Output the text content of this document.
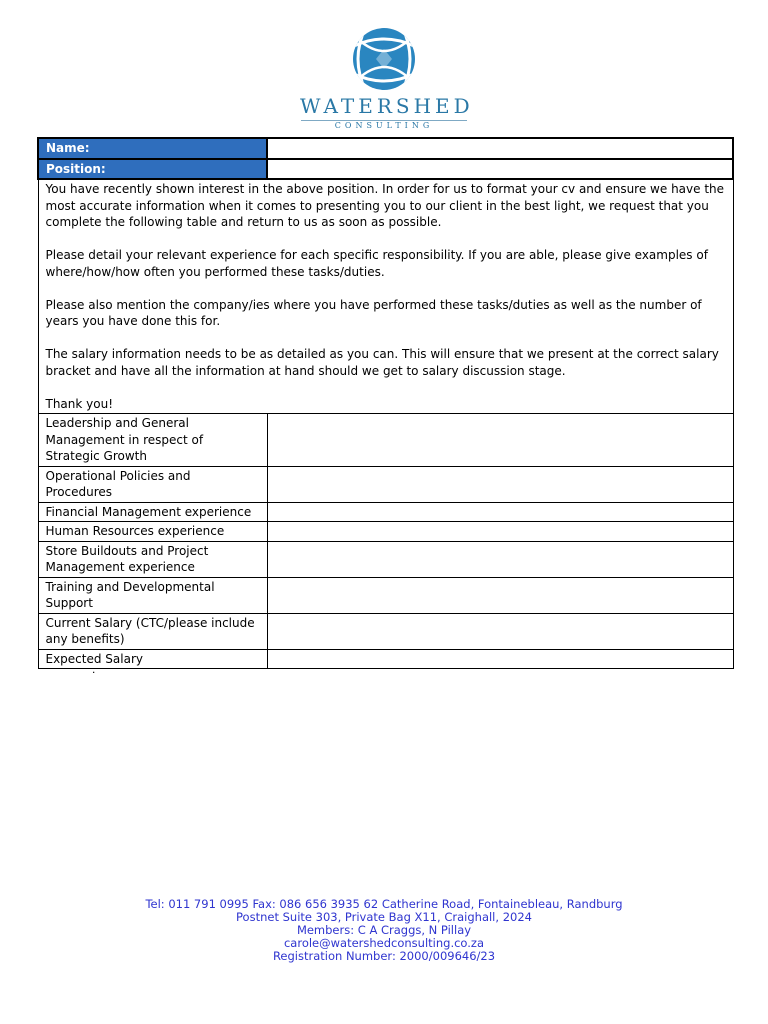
WATERSHED
CONSULTING
Name:	
Position:	

You have recently shown interest in the above position. In order for us to format your cv and ensure we have the most accurate information when it comes to presenting you to our client in the best light, we request that you complete the following table and return to us as soon as possible.

Please detail your relevant experience for each specific responsibility. If you are able, please give examples of where/how/how often you performed these tasks/duties.

Please also mention the company/ies where you have performed these tasks/duties as well as the number of years you have done this for.

The salary information needs to be as detailed as you can. This will ensure that we present at the correct salary bracket and have all the information at hand should we get to salary discussion stage.

Thank you!	

Leadership and General Management in respect of Strategic Growth	
Operational Policies and Procedures	
Financial Management experience	
Human Resources experience	
Store Buildouts and Project Management experience	
Training and Developmental Support	
Current Salary (CTC/please include any benefits)	
Expected Salary	
.
Tel: 011 791 0995 Fax: 086 656 3935 62 Catherine Road, Fontainebleau, Randburg
Postnet Suite 303, Private Bag X11, Craighall, 2024
Members: C A Craggs, N Pillay
carole@watershedconsulting.co.za
Registration Number: 2000/009646/23
